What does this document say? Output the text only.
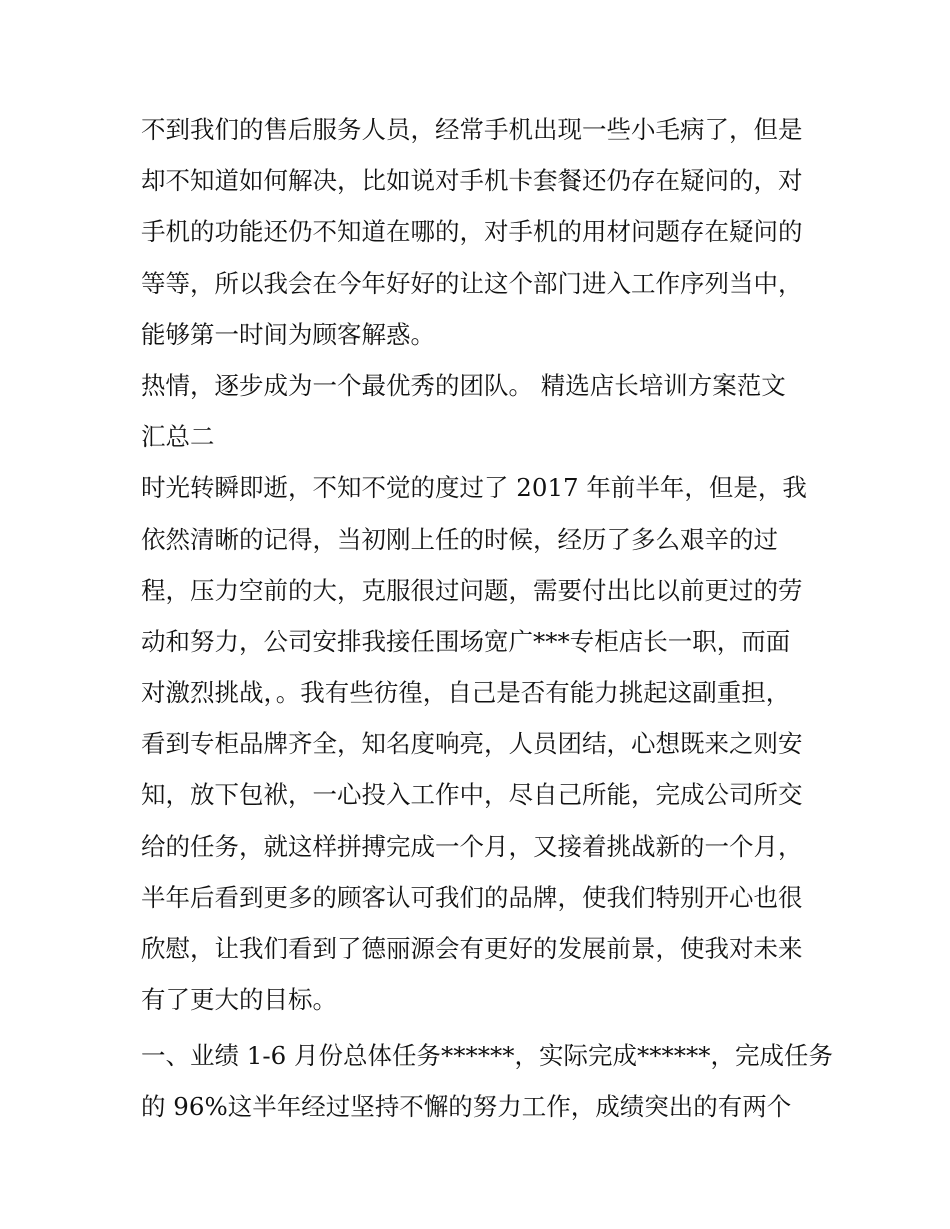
不到我们的售后服务人员，经常手机出现一些小毛病了，但是
却不知道如何解决，比如说对手机卡套餐还仍存在疑问的，对
手机的功能还仍不知道在哪的，对手机的用材问题存在疑问的
等等，所以我会在今年好好的让这个部门进入工作序列当中，
能够第一时间为顾客解惑。
热情，逐步成为一个最优秀的团队。 精选店长培训方案范文
汇总二
时光转瞬即逝，不知不觉的度过了 2017 年前半年，但是，我
依然清晰的记得，当初刚上任的时候，经历了多么艰辛的过
程，压力空前的大，克服很过问题，需要付出比以前更过的劳
动和努力，公司安排我接任围场宽广***专柜店长一职，而面
对激烈挑战，。我有些彷徨，自己是否有能力挑起这副重担，
看到专柜品牌齐全，知名度响亮，人员团结，心想既来之则安
知，放下包袱，一心投入工作中，尽自己所能，完成公司所交
给的任务，就这样拼搏完成一个月，又接着挑战新的一个月，
半年后看到更多的顾客认可我们的品牌，使我们特别开心也很
欣慰，让我们看到了德丽源会有更好的发展前景，使我对未来
有了更大的目标。
一、业绩 1-6 月份总体任务******，实际完成******，完成任务
的 96%这半年经过坚持不懈的努力工作，成绩突出的有两个
